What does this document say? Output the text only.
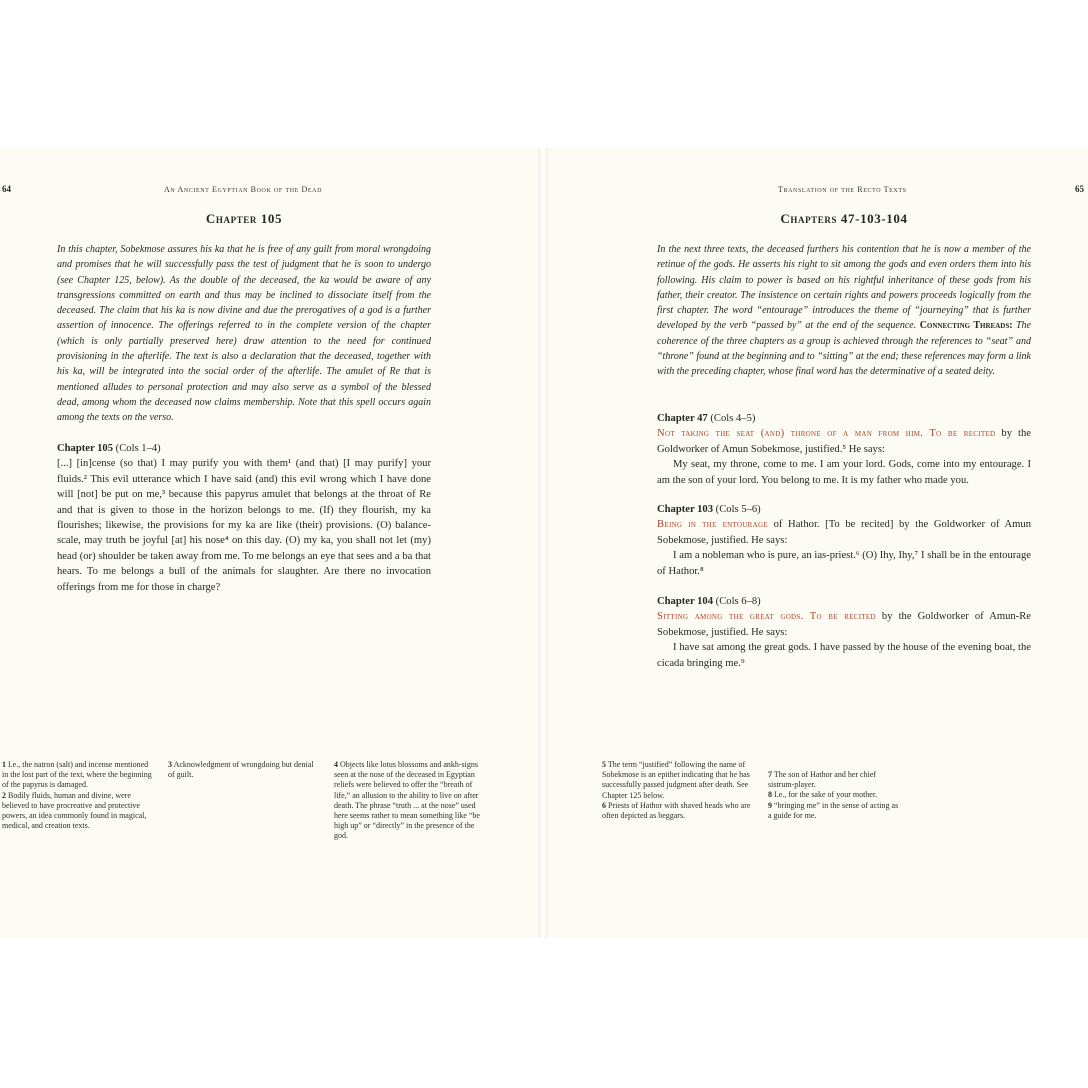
64	An Ancient Egyptian Book of the Dead
Chapter 105

In this chapter, Sobekmose assures his ka that he is free of any guilt from moral wrongdoing and promises that he will successfully pass the test of judgment that he is soon to undergo (see Chapter 125, below). As the double of the deceased, the ka would be aware of any transgressions committed on earth and thus may be inclined to dissociate itself from the deceased. The claim that his ka is now divine and due the prerogatives of a god is a further assertion of innocence. The offerings referred to in the complete version of the chapter (which is only partially preserved here) draw attention to the need for continued provisioning in the afterlife. The text is also a declaration that the deceased, together with his ka, will be integrated into the social order of the afterlife. The amulet of Re that is mentioned alludes to personal protection and may also serve as a symbol of the blessed dead, among whom the deceased now claims membership. Note that this spell occurs again among the texts on the verso.

Chapter 105 (Cols 1–4)

[...] [in]cense (so that) I may purify you with them¹ (and that) [I may purify] your fluids.² This evil utterance which I have said (and) this evil wrong which I have done will [not] be put on me,³ because this papyrus amulet that belongs at the throat of Re and that is given to those in the horizon belongs to me. (If) they flourish, my ka flourishes; likewise, the provisions for my ka are like (their) provisions. (O) balance-scale, may truth be joyful [at] his nose⁴ on this day. (O) my ka, you shall not let (my) head (or) shoulder be taken away from me. To me belongs an eye that sees and a ba that hears. To me belongs a bull of the animals for slaughter. Are there no invocation offerings from me for those in charge?

1 I.e., the natron (salt) and incense mentioned in the lost part of the text, where the beginning of the papyrus is damaged.

2 Bodily fluids, human and divine, were believed to have procreative and protective powers, an idea commonly found in magical, medical, and creation texts.

3 Acknowledgment of wrongdoing but denial of guilt.

4 Objects like lotus blossoms and ankh-signs seen at the nose of the deceased in Egyptian reliefs were believed to offer the “breath of life,” an allusion to the ability to live on after death. The phrase “truth ... at the nose” used here seems rather to mean something like “be high up” or “directly” in the presence of the god.

Translation of the Recto Texts	65
Chapters 47-103-104

In the next three texts, the deceased furthers his contention that he is now a member of the retinue of the gods. He asserts his right to sit among the gods and even orders them into his following. His claim to power is based on his rightful inheritance of these gods from his father, their creator. The insistence on certain rights and powers proceeds logically from the first chapter. The word “entourage” introduces the theme of “journeying” that is further developed by the verb “passed by” at the end of the sequence. Connecting Threads: The coherence of the three chapters as a group is achieved through the references to “seat” and “throne” found at the beginning and to “sitting” at the end; these references may form a link with the preceding chapter, whose final word has the determinative of a seated deity.

Chapter 47 (Cols 4–5)

Not taking the seat (and) throne of a man from him. To be recited by the Goldworker of Amun Sobekmose, justified.⁵ He says:

My seat, my throne, come to me. I am your lord. Gods, come into my entourage. I am the son of your lord. You belong to me. It is my father who made you.

Chapter 103 (Cols 5–6)

Being in the entourage of Hathor. [To be recited] by the Goldworker of Amun Sobekmose, justified. He says:

I am a nobleman who is pure, an ias-priest.⁶ (O) Ihy, Ihy,⁷ I shall be in the entourage of Hathor.⁸

Chapter 104 (Cols 6–8)

Sitting among the great gods. To be recited by the Goldworker of Amun-Re Sobekmose, justified. He says:

I have sat among the great gods. I have passed by the house of the evening boat, the cicada bringing me.⁹

5 The term “justified” following the name of Sobekmose is an epithet indicating that he has successfully passed judgment after death. See Chapter 125 below.

6 Priests of Hathor with shaved heads who are often depicted as beggars.

7 The son of Hathor and her chief sistrum-player.

8 I.e., for the sake of your mother.

9 “bringing me” in the sense of acting as a guide for me.
